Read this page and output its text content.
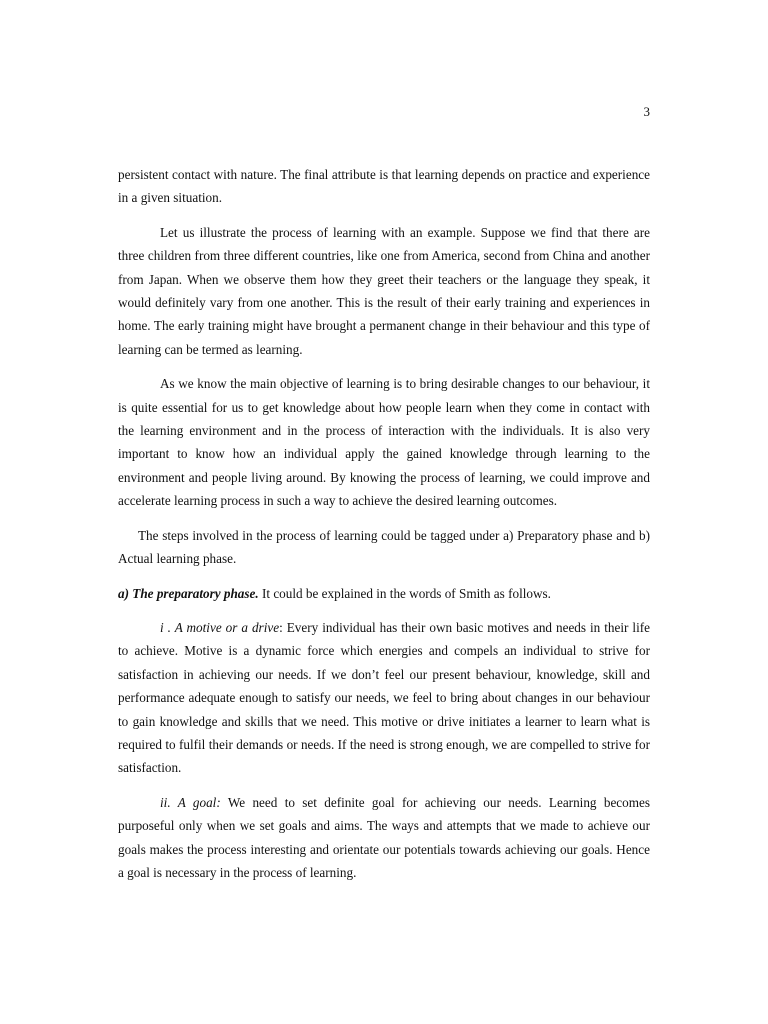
3

persistent contact with nature. The final attribute is that learning depends on practice and experience in a given situation.

Let us illustrate the process of learning with an example. Suppose we find that there are three children from three different countries, like one from America, second from China and another from Japan. When we observe them how they greet their teachers or the language they speak, it would definitely vary from one another. This is the result of their early training and experiences in home. The early training might have brought a permanent change in their behaviour and this type of learning can be termed as learning.

As we know the main objective of learning is to bring desirable changes to our behaviour, it is quite essential for us to get knowledge about how people learn when they come in contact with the learning environment and in the process of interaction with the individuals. It is also very important to know how an individual apply the gained knowledge through learning to the environment and people living around. By knowing the process of learning, we could improve and accelerate learning process in such a way to achieve the desired learning outcomes.

The steps involved in the process of learning could be tagged under a) Preparatory phase and b) Actual learning phase.

a) The preparatory phase. It could be explained in the words of Smith as follows.

i . A motive or a drive: Every individual has their own basic motives and needs in their life to achieve. Motive is a dynamic force which energies and compels an individual to strive for satisfaction in achieving our needs. If we don’t feel our present behaviour, knowledge, skill and performance adequate enough to satisfy our needs, we feel to bring about changes in our behaviour to gain knowledge and skills that we need. This motive or drive initiates a learner to learn what is required to fulfil their demands or needs. If the need is strong enough, we are compelled to strive for satisfaction.

ii. A goal: We need to set definite goal for achieving our needs. Learning becomes purposeful only when we set goals and aims. The ways and attempts that we made to achieve our goals makes the process interesting and orientate our potentials towards achieving our goals. Hence a goal is necessary in the process of learning.
